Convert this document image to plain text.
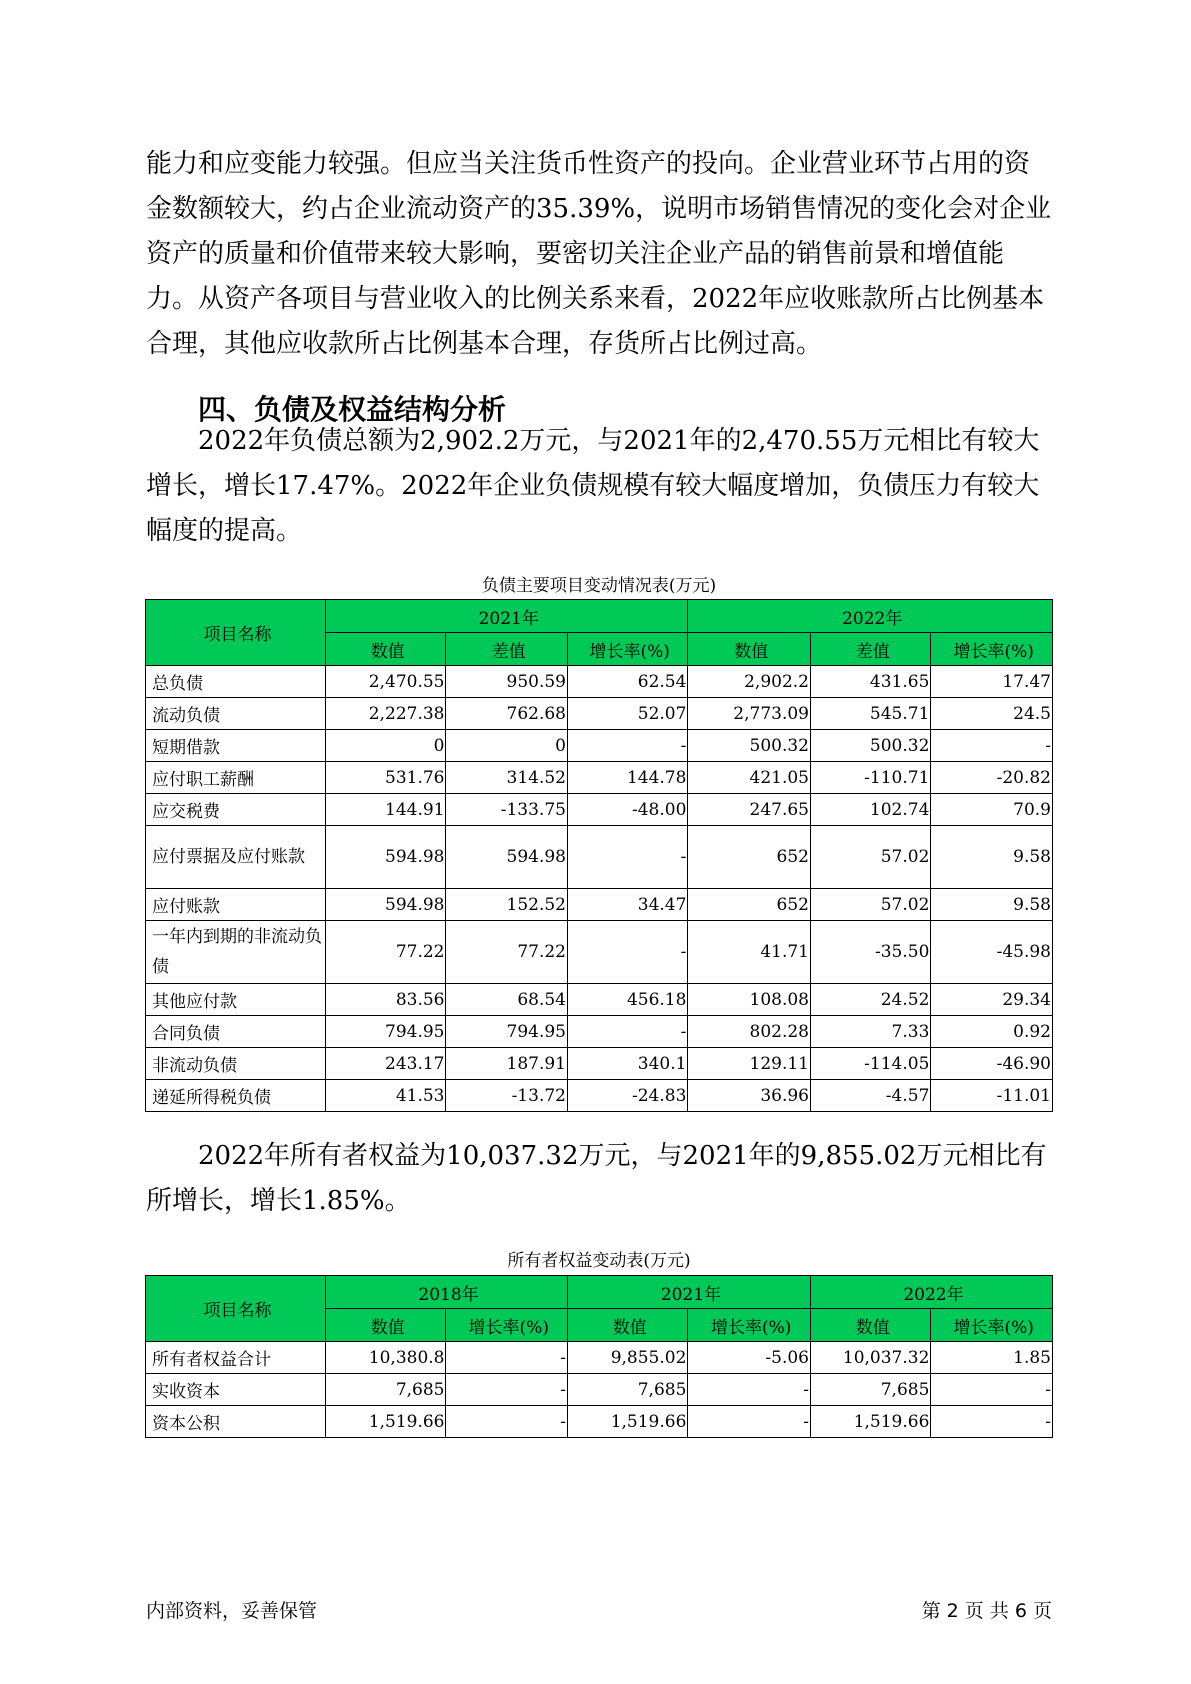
能力和应变能力较强。但应当关注货币性资产的投向。企业营业环节占用的资金数额较大，约占企业流动资产的35.39%，说明市场销售情况的变化会对企业资产的质量和价值带来较大影响，要密切关注企业产品的销售前景和增值能力。从资产各项目与营业收入的比例关系来看，2022年应收账款所占比例基本合理，其他应收款所占比例基本合理，存货所占比例过高。

四、负债及权益结构分析

2022年负债总额为2,902.2万元，与2021年的2,470.55万元相比有较大增长，增长17.47%。2022年企业负债规模有较大幅度增加，负债压力有较大幅度的提高。

负债主要项目变动情况表(万元)
项目名称	2021年			2022年		
	数值	差值	增长率(%)	数值	差值	增长率(%)
总负债	2,470.55	950.59	62.54	2,902.2	431.65	17.47
流动负债	2,227.38	762.68	52.07	2,773.09	545.71	24.5
短期借款	0	0	-	500.32	500.32	-
应付职工薪酬	531.76	314.52	144.78	421.05	-110.71	-20.82
应交税费	144.91	-133.75	-48.00	247.65	102.74	70.9
应付票据及应付账款	594.98	594.98	-	652	57.02	9.58
应付账款	594.98	152.52	34.47	652	57.02	9.58
一年内到期的非流动负债	77.22	77.22	-	41.71	-35.50	-45.98
其他应付款	83.56	68.54	456.18	108.08	24.52	29.34
合同负债	794.95	794.95	-	802.28	7.33	0.92
非流动负债	243.17	187.91	340.1	129.11	-114.05	-46.90
递延所得税负债	41.53	-13.72	-24.83	36.96	-4.57	-11.01

2022年所有者权益为10,037.32万元，与2021年的9,855.02万元相比有所增长，增长1.85%。

所有者权益变动表(万元)
项目名称	2018年		2021年		2022年	
	数值	增长率(%)	数值	增长率(%)	数值	增长率(%)
所有者权益合计	10,380.8	-	9,855.02	-5.06	10,037.32	1.85
实收资本	7,685	-	7,685	-	7,685	-
资本公积	1,519.66	-	1,519.66	-	1,519.66	-
内部资料，妥善保管	第 2 页 共 6 页
